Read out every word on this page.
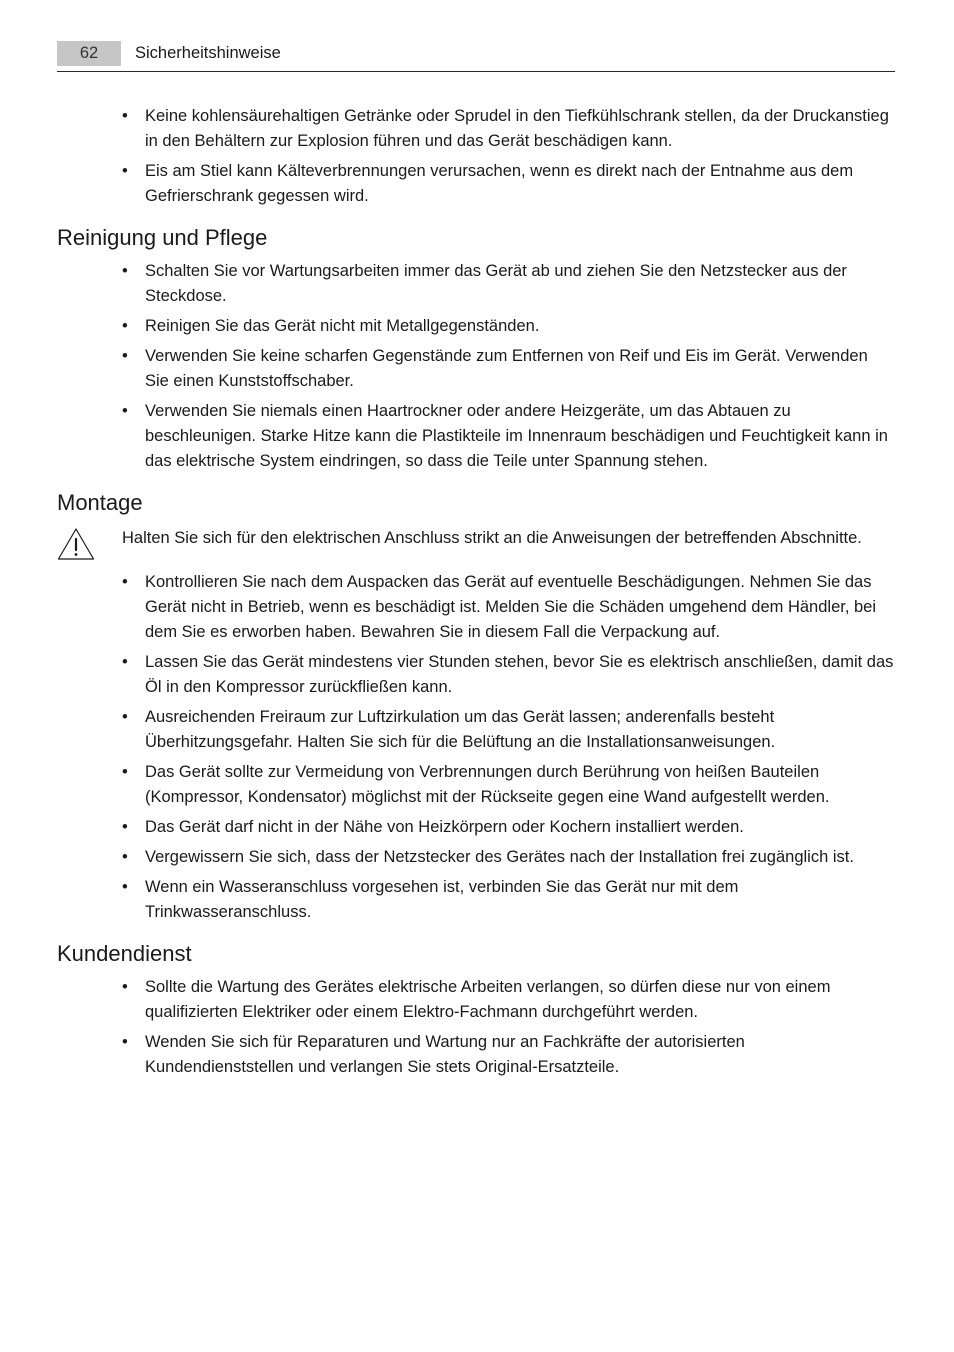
62	Sicherheitshinweise
• Keine kohlensäurehaltigen Getränke oder Sprudel in den Tiefkühlschrank stellen, da der Druckanstieg in den Behältern zur Explosion führen und das Gerät beschädigen kann.
• Eis am Stiel kann Kälteverbrennungen verursachen, wenn es direkt nach der Entnahme aus dem Gefrierschrank gegessen wird.
Reinigung und Pflege
• Schalten Sie vor Wartungsarbeiten immer das Gerät ab und ziehen Sie den Netzstecker aus der Steckdose.
• Reinigen Sie das Gerät nicht mit Metallgegenständen.
• Verwenden Sie keine scharfen Gegenstände zum Entfernen von Reif und Eis im Gerät. Verwenden Sie einen Kunststoffschaber.
• Verwenden Sie niemals einen Haartrockner oder andere Heizgeräte, um das Abtauen zu beschleunigen. Starke Hitze kann die Plastikteile im Innenraum beschädigen und Feuchtigkeit kann in das elektrische System eindringen, so dass die Teile unter Spannung stehen.
Montage
Halten Sie sich für den elektrischen Anschluss strikt an die Anweisungen der betreffenden Abschnitte.
• Kontrollieren Sie nach dem Auspacken das Gerät auf eventuelle Beschädigungen. Nehmen Sie das Gerät nicht in Betrieb, wenn es beschädigt ist. Melden Sie die Schäden umgehend dem Händler, bei dem Sie es erworben haben. Bewahren Sie in diesem Fall die Verpackung auf.
• Lassen Sie das Gerät mindestens vier Stunden stehen, bevor Sie es elektrisch anschließen, damit das Öl in den Kompressor zurückfließen kann.
• Ausreichenden Freiraum zur Luftzirkulation um das Gerät lassen; anderenfalls besteht Überhitzungsgefahr. Halten Sie sich für die Belüftung an die Installationsanweisungen.
• Das Gerät sollte zur Vermeidung von Verbrennungen durch Berührung von heißen Bauteilen (Kompressor, Kondensator) möglichst mit der Rückseite gegen eine Wand aufgestellt werden.
• Das Gerät darf nicht in der Nähe von Heizkörpern oder Kochern installiert werden.
• Vergewissern Sie sich, dass der Netzstecker des Gerätes nach der Installation frei zugänglich ist.
• Wenn ein Wasseranschluss vorgesehen ist, verbinden Sie das Gerät nur mit dem Trinkwasseranschluss.
Kundendienst
• Sollte die Wartung des Gerätes elektrische Arbeiten verlangen, so dürfen diese nur von einem qualifizierten Elektriker oder einem Elektro-Fachmann durchgeführt werden.
• Wenden Sie sich für Reparaturen und Wartung nur an Fachkräfte der autorisierten Kundendienststellen und verlangen Sie stets Original-Ersatzteile.
